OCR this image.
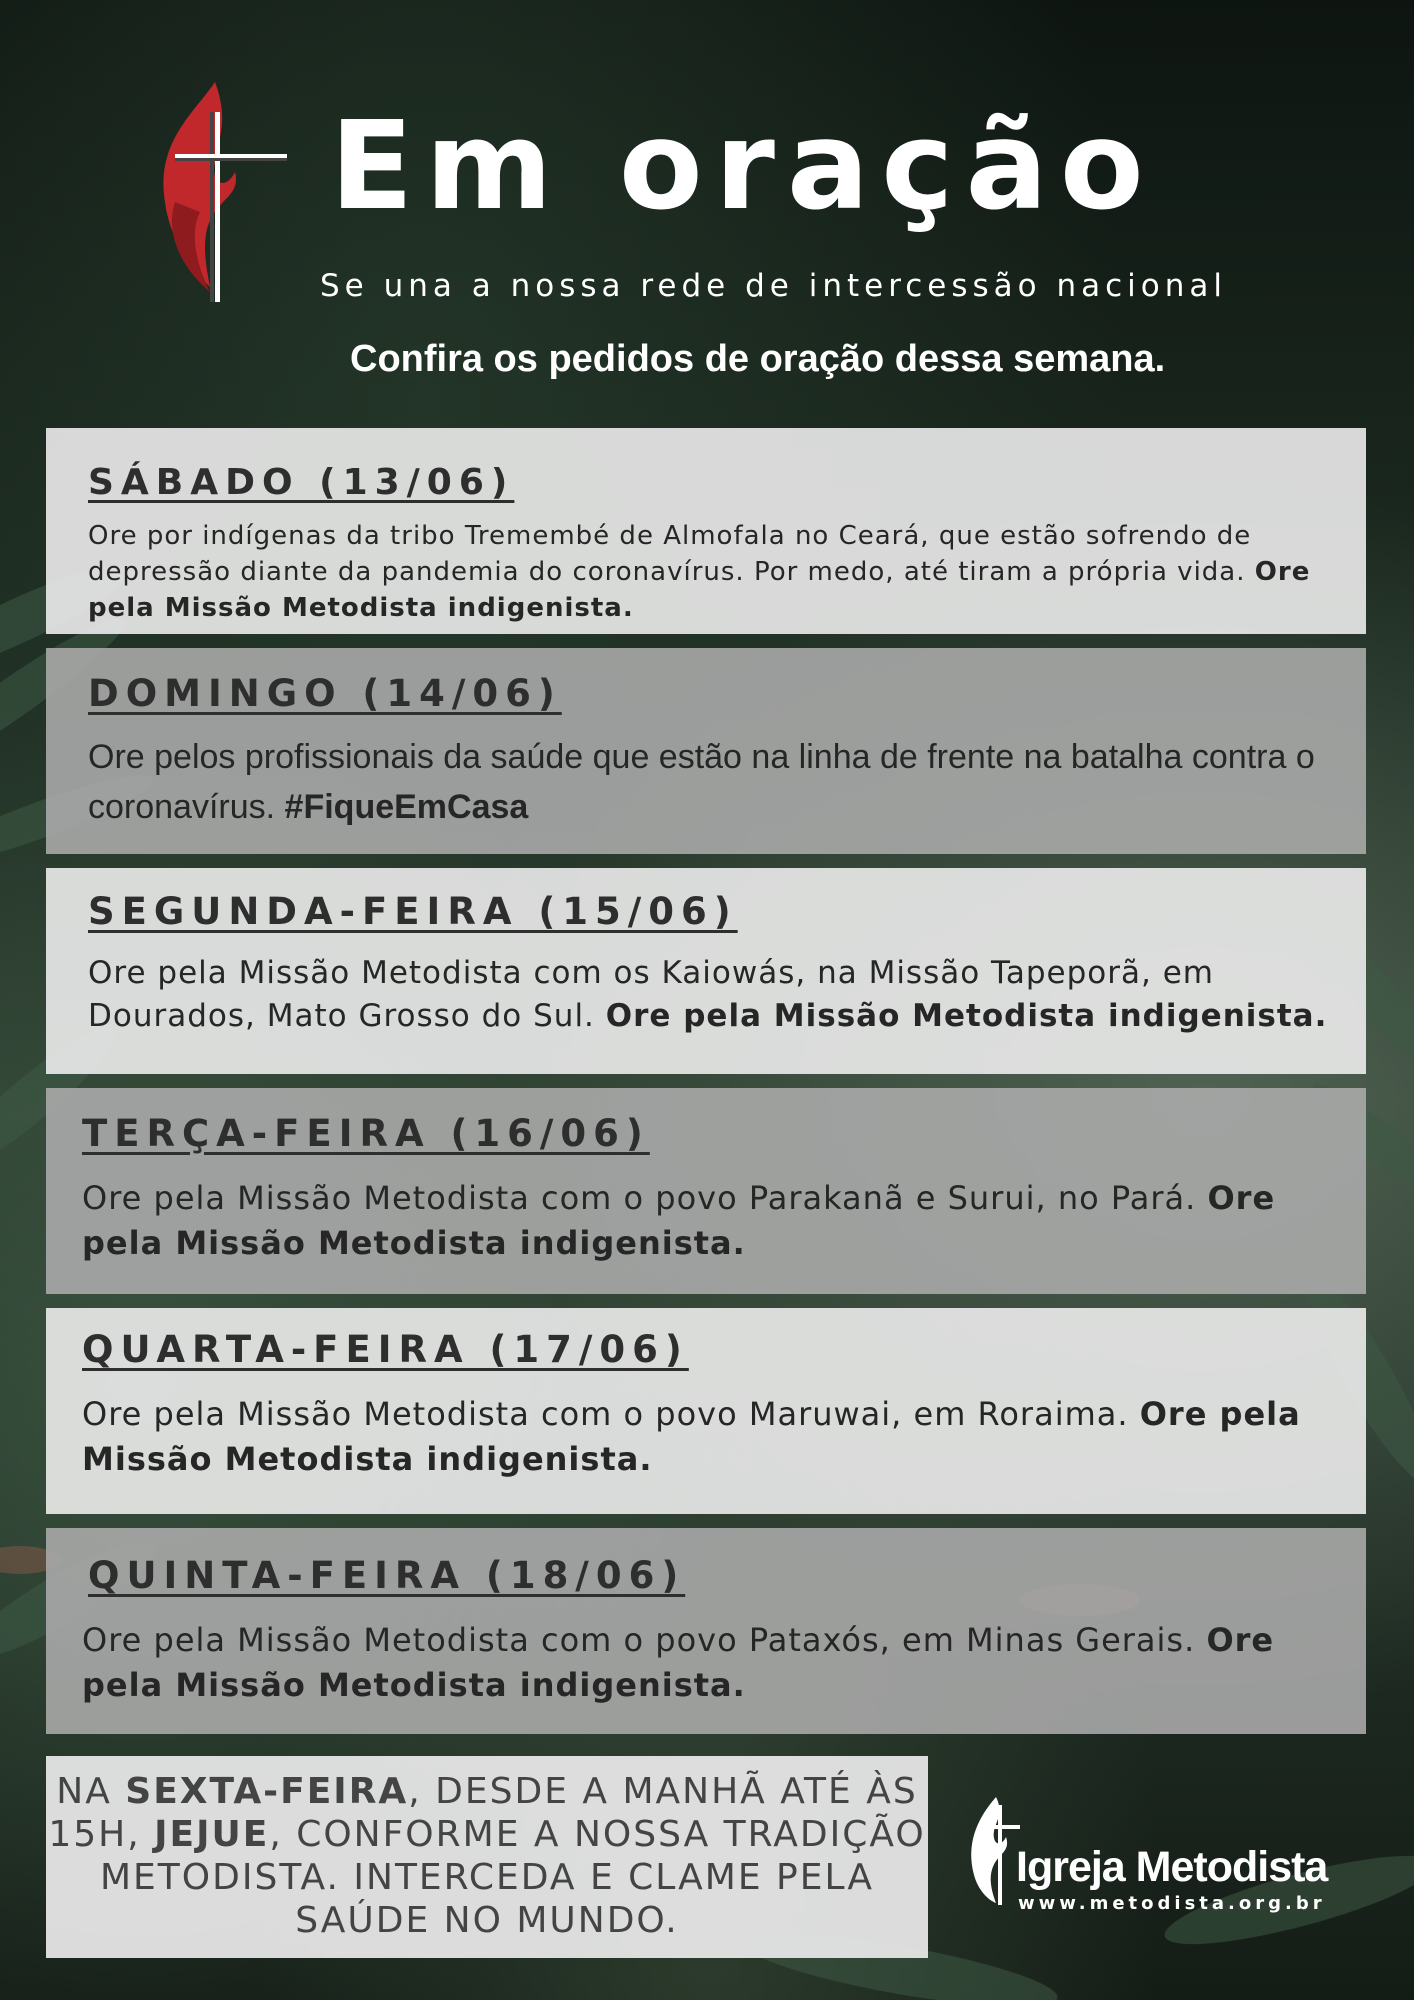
Em oração

Se una a nossa rede de intercessão nacional

Confira os pedidos de oração dessa semana.

SÁBADO (13/06)

Ore por indígenas da tribo Tremembé de Almofala no Ceará, que estão sofrendo de depressão diante da pandemia do coronavírus. Por medo, até tiram a própria vida. Ore pela Missão Metodista indigenista.

DOMINGO (14/06)

Ore pelos profissionais da saúde que estão na linha de frente na batalha contra o coronavírus. #FiqueEmCasa

SEGUNDA-FEIRA (15/06)

Ore pela Missão Metodista com os Kaiowás, na Missão Tapeporã, em Dourados, Mato Grosso do Sul. Ore pela Missão Metodista indigenista.

TERÇA-FEIRA (16/06)

Ore pela Missão Metodista com o povo Parakanã e Surui, no Pará. Ore pela Missão Metodista indigenista.

QUARTA-FEIRA (17/06)

Ore pela Missão Metodista com o povo Maruwai, em Roraima. Ore pela Missão Metodista indigenista.

QUINTA-FEIRA (18/06)

Ore pela Missão Metodista com o povo Pataxós, em Minas Gerais. Ore pela Missão Metodista indigenista.

NA SEXTA-FEIRA, DESDE A MANHÃ ATÉ ÀS 15H, JEJUE, CONFORME A NOSSA TRADIÇÃO METODISTA. INTERCEDA E CLAME PELA SAÚDE NO MUNDO.

Igreja Metodista

www.metodista.org.br
